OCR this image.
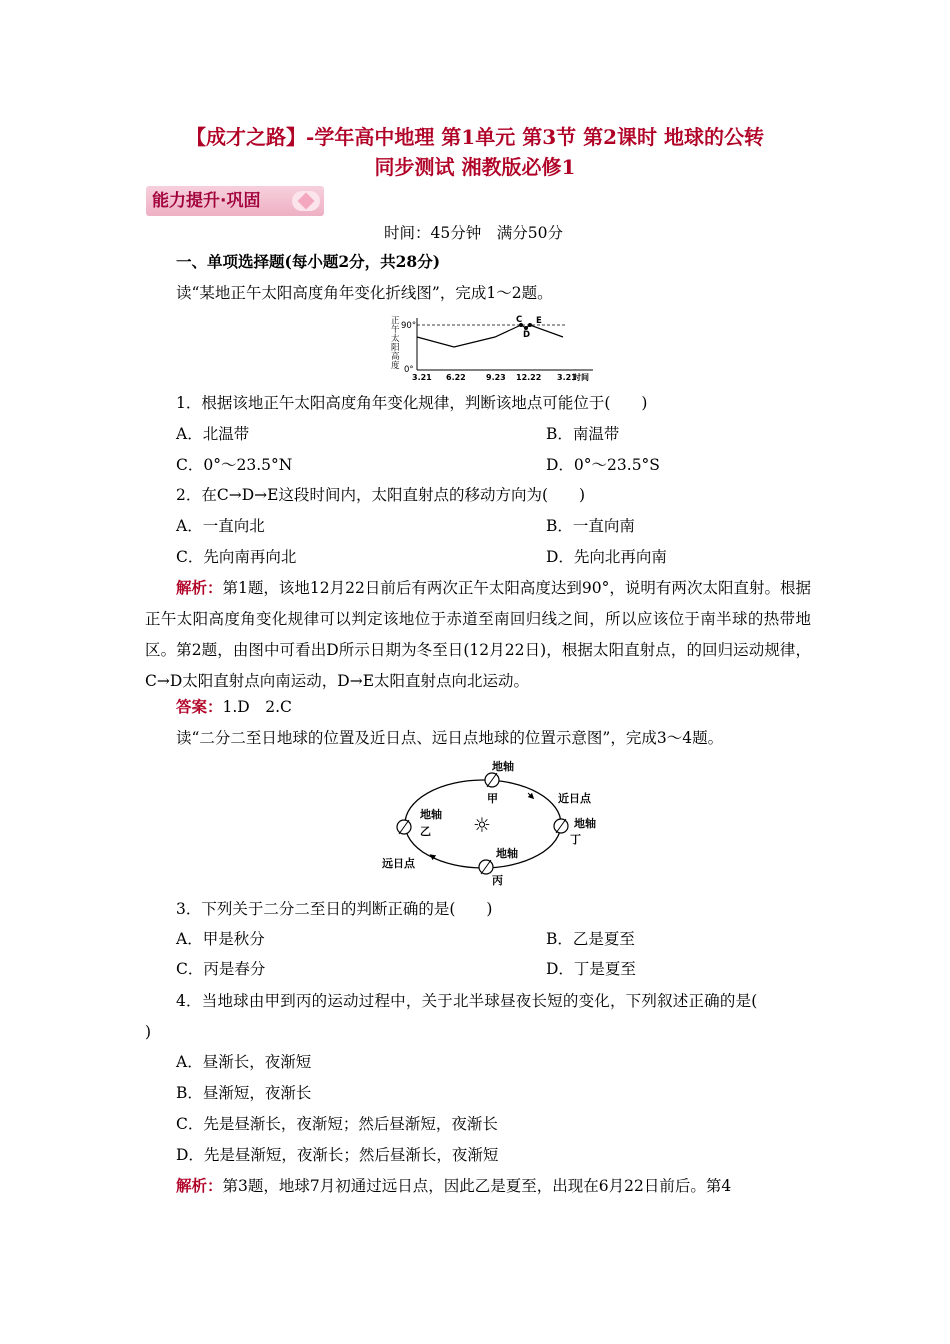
【成才之路】-学年高中地理 第1单元 第3节 第2课时 地球的公转
同步测试 湘教版必修1
能力提升·巩固
时间：45分钟　满分50分
一、单项选择题(每小题2分，共28分)
读“某地正午太阳高度角年变化折线图”，完成1～2题。
正
午
太
阳
高
度
90°
0°
C
D
E
3.21 6.22	9.23 12.22 3.21
时间
1．根据该地正午太阳高度角年变化规律，判断该地点可能位于(　　)
A．北温带	B．南温带
C．0°～23.5°N	D．0°～23.5°S
2．在C→D→E这段时间内，太阳直射点的移动方向为(　　)
A．一直向北	B．一直向南
C．先向南再向北	D．先向北再向南
解析：第1题，该地12月22日前后有两次正午太阳高度达到90°，说明有两次太阳直射。根据正午太阳高度角变化规律可以判定该地位于赤道至南回归线之间，所以应该位于南半球的热带地区。第2题，由图中可看出D所示日期为冬至日(12月22日)，根据太阳直射点，的回归运动规律，C→D太阳直射点向南运动，D→E太阳直射点向北运动。
答案：1.D　2.C
读“二分二至日地球的位置及近日点、远日点地球的位置示意图”，完成3～4题。
☼
地轴
甲
地轴
乙
地轴
丙
地轴
丁
近日点
远日点
3．下列关于二分二至日的判断正确的是(　　)
A．甲是秋分	B．乙是夏至
C．丙是春分	D．丁是夏至
4．当地球由甲到丙的运动过程中，关于北半球昼夜长短的变化，下列叙述正确的是(
)
A．昼渐长，夜渐短
B．昼渐短，夜渐长
C．先是昼渐长，夜渐短；然后昼渐短，夜渐长
D．先是昼渐短，夜渐长；然后昼渐长，夜渐短
解析：第3题，地球7月初通过远日点，因此乙是夏至，出现在6月22日前后。第4
